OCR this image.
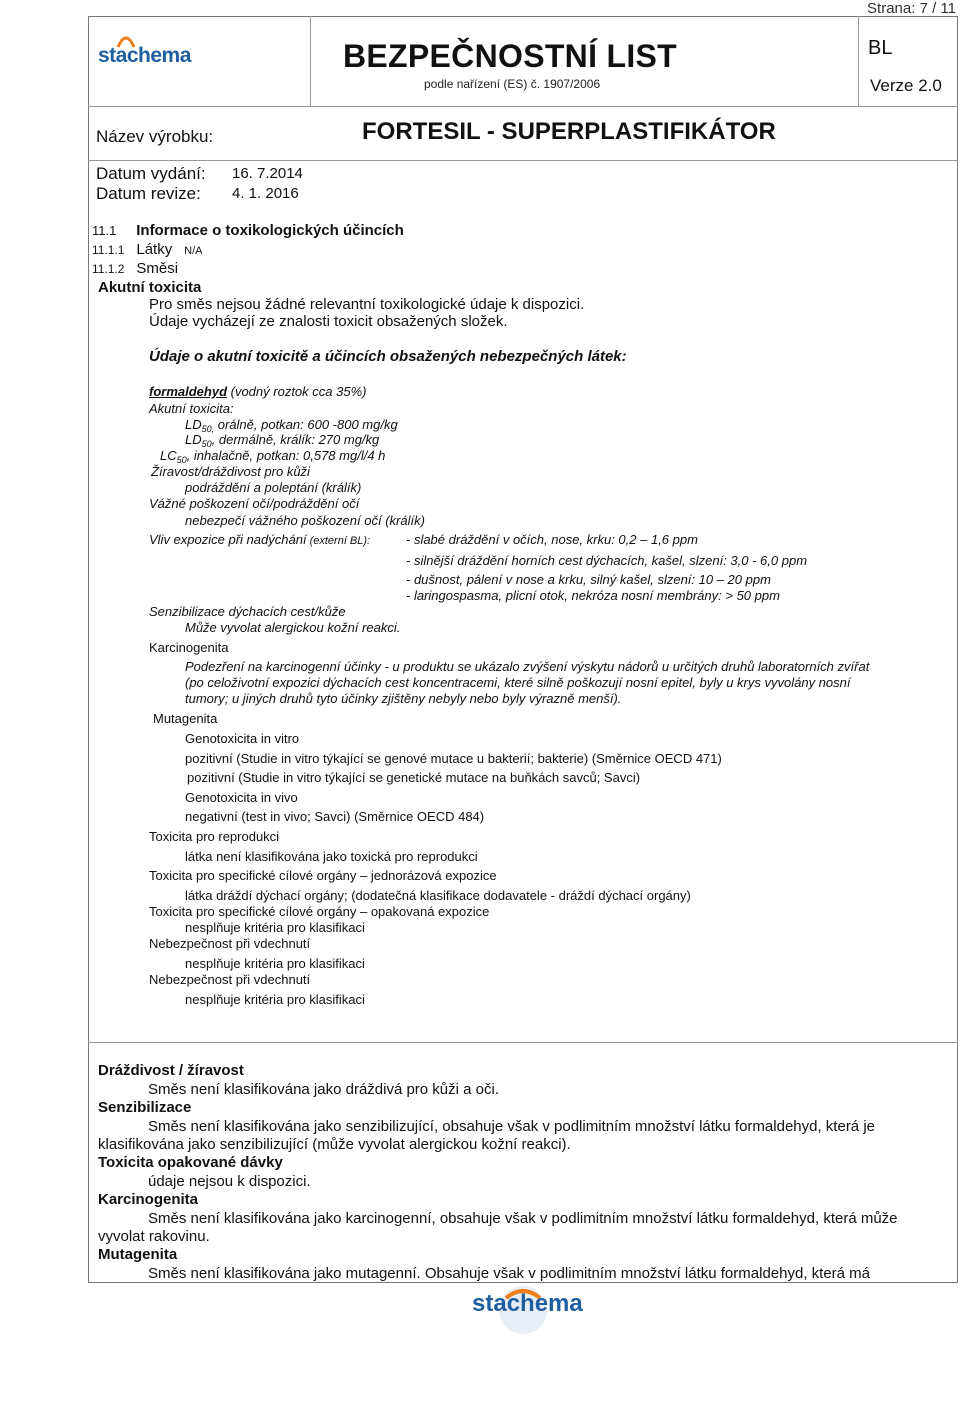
Strana: 7 / 11
stachema	BEZPEČNOSTNÍ LIST
podle nařízení (ES) č. 1907/2006
BL
Verze 2.0
Název výrobku:	FORTESIL - SUPERPLASTIFIKÁTOR
Datum vydání: 16. 7.2014
Datum revize: 4. 1. 2016
11.1 Informace o toxikologických účincích
11.1.1 Látky N/A
11.1.2 Směsi
Akutní toxicita
Pro směs nejsou žádné relevantní toxikologické údaje k dispozici.
Údaje vycházejí ze znalosti toxicit obsažených složek.
Údaje o akutní toxicitě a účincích obsažených nebezpečných látek:
formaldehyd (vodný roztok cca 35%)
Akutní toxicita:
$LD_{50,}$ orálně, potkan: 600 -800 mg/kg
$LD_{50}$, dermálně, králík: 270 mg/kg
$LC_{50}$, inhalačně, potkan: 0,578 mg/l/4 h
Žíravost/dráždivost pro kůži
podráždění a poleptání (králík)
Vážné poškození očí/podráždění očí
nebezpečí vážného poškození očí (králík)
Vliv expozice při nadýchání (externí BL):	- slabé dráždění v očích, nose, krku: 0,2 – 1,6 ppm
- silnější dráždění horních cest dýchacích, kašel, slzení: 3,0 - 6,0 ppm
- dušnost, pálení v nose a krku, silný kašel, slzení: 10 – 20 ppm
- laringospasma, plicní otok, nekróza nosní membrány: > 50 ppm
Senzibilizace dýchacích cest/kůže
Může vyvolat alergickou kožní reakci.
Karcinogenita
Podezření na karcinogenní účinky - u produktu se ukázalo zvýšení výskytu nádorů u určitých druhů laboratorních zvířat
(po celoživotní expozici dýchacích cest koncentracemi, které silně poškozují nosní epitel, byly u krys vyvolány nosní
tumory; u jiných druhů tyto účinky zjištěny nebyly nebo byly výrazně menší).
Mutagenita
Genotoxicita in vitro
pozitivní (Studie in vitro týkající se genové mutace u bakterií; bakterie) (Směrnice OECD 471)
pozitivní (Studie in vitro týkající se genetické mutace na buňkách savců; Savci)
Genotoxicita in vivo
negativní (test in vivo; Savci) (Směrnice OECD 484)
Toxicita pro reprodukci
látka není klasifikována jako toxická pro reprodukci
Toxicita pro specifické cílové orgány – jednorázová expozice
látka dráždí dýchací orgány; (dodatečná klasifikace dodavatele - dráždí dýchací orgány)
Toxicita pro specifické cílové orgány – opakovaná expozice
nesplňuje kritéria pro klasifikaci
Nebezpečnost při vdechnutí
nesplňuje kritéria pro klasifikaci
Nebezpečnost při vdechnutí
nesplňuje kritéria pro klasifikaci
Dráždivost / žíravost
Směs není klasifikována jako dráždivá pro kůži a oči.
Senzibilizace
Směs není klasifikována jako senzibilizující, obsahuje však v podlimitním množství látku formaldehyd, která je
klasifikována jako senzibilizující (může vyvolat alergickou kožní reakci).
Toxicita opakované dávky
údaje nejsou k dispozici.
Karcinogenita
Směs není klasifikována jako karcinogenní, obsahuje však v podlimitním množství látku formaldehyd, která může
vyvolat rakovinu.
Mutagenita
Směs není klasifikována jako mutagenní. Obsahuje však v podlimitním množství látku formaldehyd, která má
stachema
